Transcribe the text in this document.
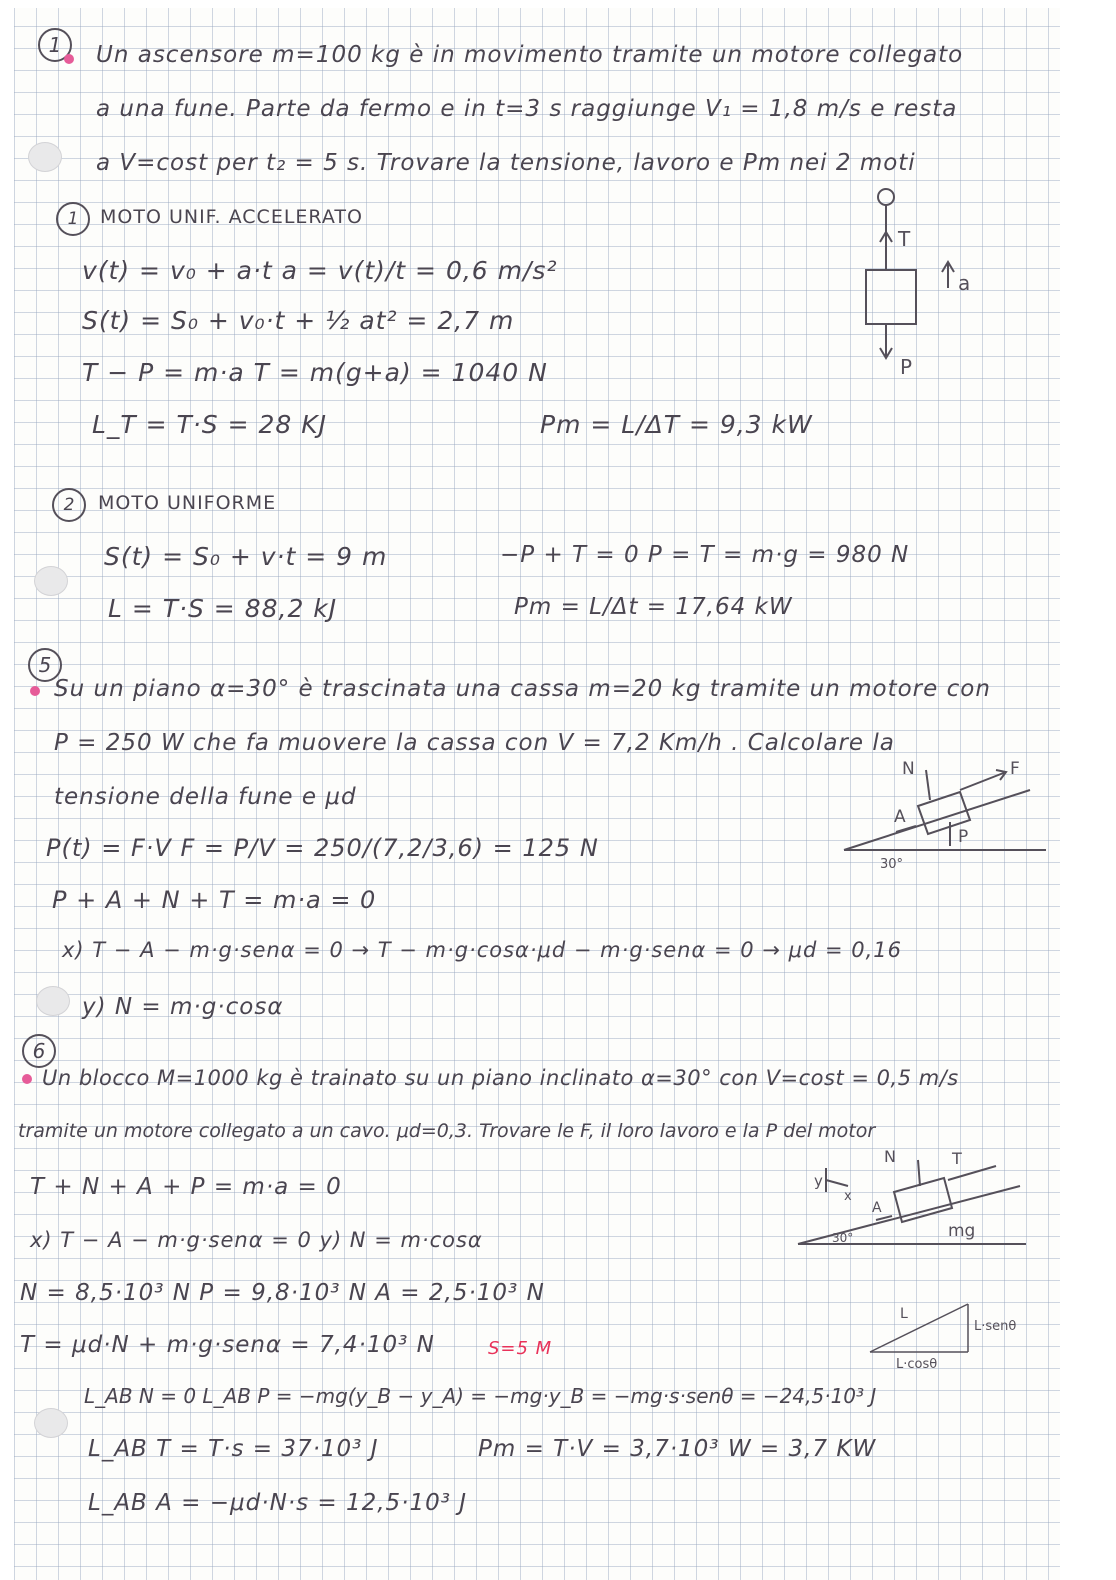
1	Un ascensore m=100 kg è in movimento tramite un motore collegato
a una fune. Parte da fermo e in t=3 s raggiunge V₁ = 1,8 m/s e resta
a V=cost per t₂ = 5 s. Trovare la tensione, lavoro e Pm nei 2 moti
1	MOTO UNIF. ACCELERATO
v(t) = v₀ + a·t a = v(t)/t = 0,6 m/s²
S(t) = S₀ + v₀·t + ½ at² = 2,7 m
T − P = m·a T = m(g+a) = 1040 N
L_T = T·S = 28 KJ	Pm = L/ΔT = 9,3 kW
T
a
P
2	MOTO UNIFORME
S(t) = S₀ + v·t = 9 m
L = T·S = 88,2 kJ
−P + T = 0 P = T = m·g = 980 N
Pm = L/Δt = 17,64 kW
5
Su un piano α=30° è trascinata una cassa m=20 kg tramite un motore con
P = 250 W che fa muovere la cassa con V = 7,2 Km/h . Calcolare la
tensione della fune e μd
P(t) = F·V F = P/V = 250/(7,2/3,6) = 125 N
P + A + N + T = m·a = 0
x) T − A − m·g·senα = 0 → T − m·g·cosα·μd − m·g·senα = 0 → μd = 0,16
y) N = m·g·cosα
N	F
A
P
30°
6
Un blocco M=1000 kg è trainato su un piano inclinato α=30° con V=cost = 0,5 m/s
tramite un motore collegato a un cavo. μd=0,3. Trovare le F, il loro lavoro e la P del motor
T + N + A + P = m·a = 0
x) T − A − m·g·senα = 0 y) N = m·cosα
N = 8,5·10³ N P = 9,8·10³ N A = 2,5·10³ N
T = μd·N + m·g·senα = 7,4·10³ N	S=5 M
L_AB N = 0 L_AB P = −mg(y_B − y_A) = −mg·y_B = −mg·s·senθ = −24,5·10³ J
L_AB T = T·s = 37·10³ J	Pm = T·V = 3,7·10³ W = 3,7 KW
L_AB A = −μd·N·s = 12,5·10³ J
y
x
N	T
A
mg
30°
L
L·senθ
L·cosθ
